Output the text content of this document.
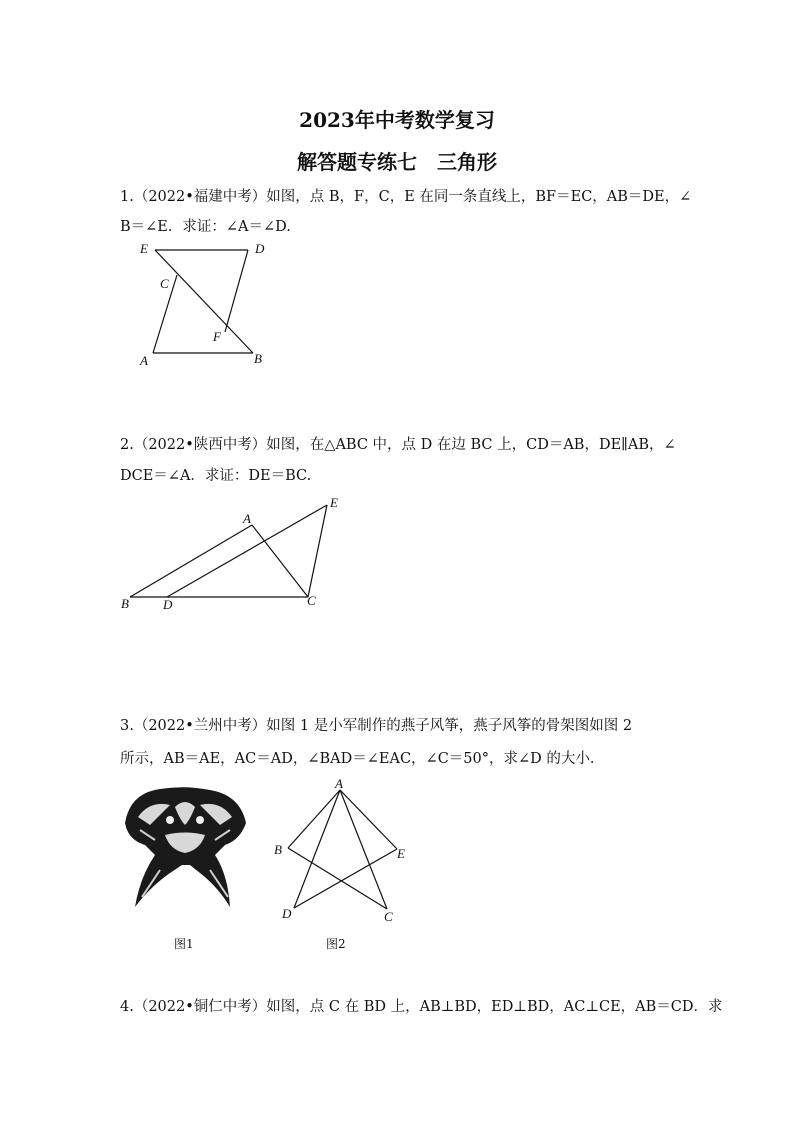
2023年中考数学复习
解答题专练七　三角形

1.（2022•福建中考）如图，点 B，F，C，E 在同一条直线上，BF＝EC，AB＝DE，∠

B＝∠E．求证：∠A＝∠D.

E	D
C
F
A	B

2.（2022•陕西中考）如图，在△ABC 中，点 D 在边 BC 上，CD＝AB，DE∥AB，∠

DCE＝∠A．求证：DE＝BC.

A
E
B	D	C

3.（2022•兰州中考）如图 1 是小军制作的燕子风筝，燕子风筝的骨架图如图 2

所示，AB＝AE，AC＝AD，∠BAD＝∠EAC，∠C＝50°，求∠D 的大小.

图1
A
B	E
D	C
图2

4.（2022•铜仁中考）如图，点 C 在 BD 上，AB⊥BD，ED⊥BD，AC⊥CE，AB＝CD．求
